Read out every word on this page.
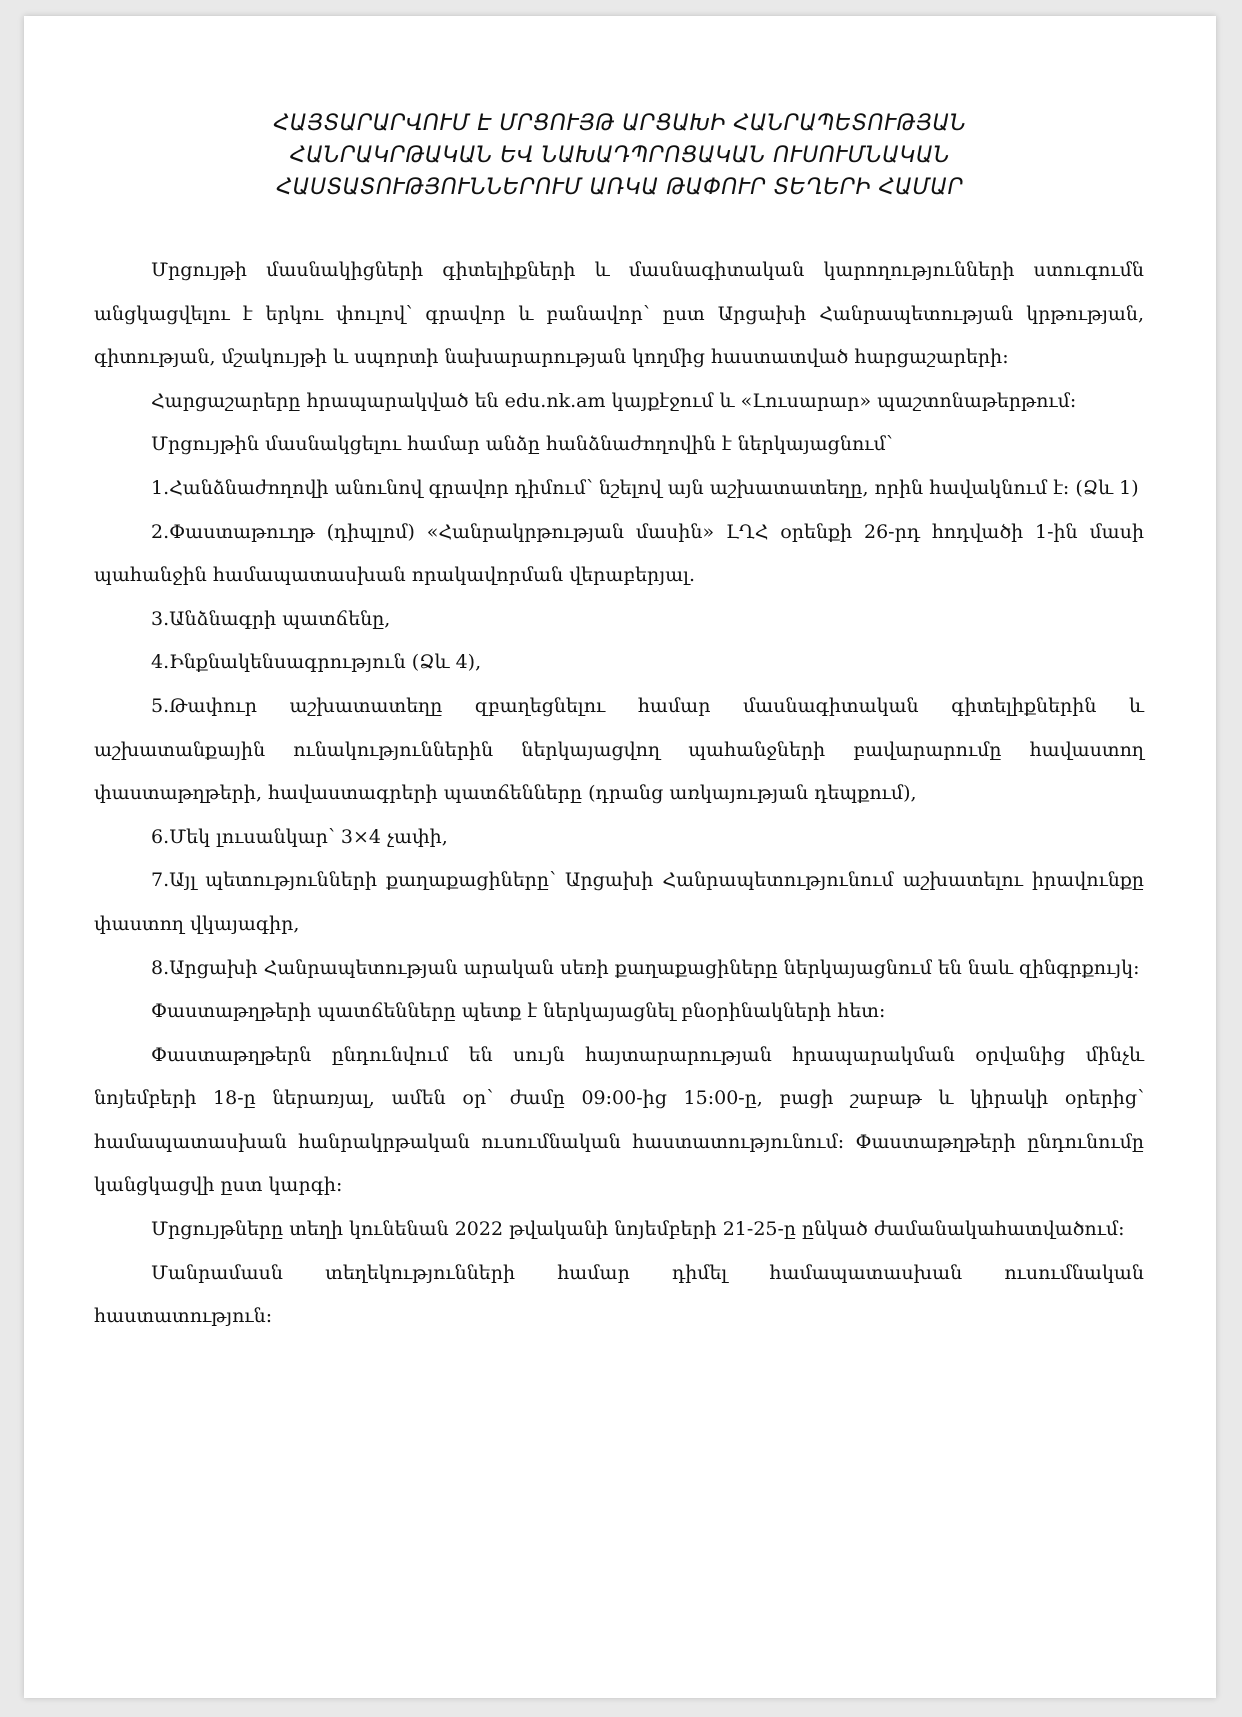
ՀԱՅՏԱՐԱՐՎՈՒՄ Է ՄՐՑՈՒՅԹ ԱՐՑԱԽԻ ՀԱՆՐԱՊԵՏՈՒԹՅԱՆ
ՀԱՆՐԱԿՐԹԱԿԱՆ ԵՎ ՆԱԽԱԴՊՐՈՑԱԿԱՆ ՈՒՍՈՒՄՆԱԿԱՆ
ՀԱՍՏԱՏՈՒԹՅՈՒՆՆԵՐՈՒՄ ԱՌԿԱ ԹԱՓՈՒՐ ՏԵՂԵՐԻ ՀԱՄԱՐ

Մրցույթի մասնակիցների գիտելիքների և մասնագիտական կարողությունների ստուգումն անցկացվելու է երկու փուլով՝ գրավոր և բանավոր՝ ըստ Արցախի Հանրապետության կրթության, գիտության, մշակույթի և սպորտի նախարարության կողմից հաստատված հարցաշարերի:

Հարցաշարերը հրապարակված են edu.nk.am կայքէջում և «Լուսարար» պաշտոնաթերթում:

Մրցույթին մասնակցելու համար անձը հանձնաժողովին է ներկայացնում՝

1.Հանձնաժողովի անունով գրավոր դիմում՝ նշելով այն աշխատատեղը, որին հավակնում է: (Ձև 1)

2.Փաստաթուղթ (դիպլոմ) «Հանրակրթության մասին» ԼՂՀ օրենքի 26-րդ հոդվածի 1-ին մասի պահանջին համապատասխան որակավորման վերաբերյալ.

3.Անձնագրի պատճենը,

4.Ինքնակենսագրություն (Ձև 4),

5.Թափուր աշխատատեղը զբաղեցնելու համար մասնագիտական գիտելիքներին և աշխատանքային ունակություններին ներկայացվող պահանջների բավարարումը հավաստող փաստաթղթերի, հավաստագրերի պատճենները (դրանց առկայության դեպքում),

6.Մեկ լուսանկար՝ 3×4 չափի,

7.Այլ պետությունների քաղաքացիները՝ Արցախի Հանրապետությունում աշխատելու իրավունքը փաստող վկայագիր,

8.Արցախի Հանրապետության արական սեռի քաղաքացիները ներկայացնում են նաև զինգրքույկ:

Փաստաթղթերի պատճենները պետք է ներկայացնել բնօրինակների հետ:

Փաստաթղթերն ընդունվում են սույն հայտարարության հրապարակման օրվանից մինչև նոյեմբերի 18-ը ներառյալ, ամեն օր՝ ժամը 09:00-ից 15:00-ը, բացի շաբաթ և կիրակի օրերից՝ համապատասխան հանրակրթական ուսումնական հաստատությունում: Փաստաթղթերի ընդունումը կանցկացվի ըստ կարգի:

Մրցույթները տեղի կունենան 2022 թվականի նոյեմբերի 21-25-ը ընկած ժամանակահատվածում:

Մանրամասն տեղեկությունների համար դիմել համապատասխան ուսումնական հաստատություն:
